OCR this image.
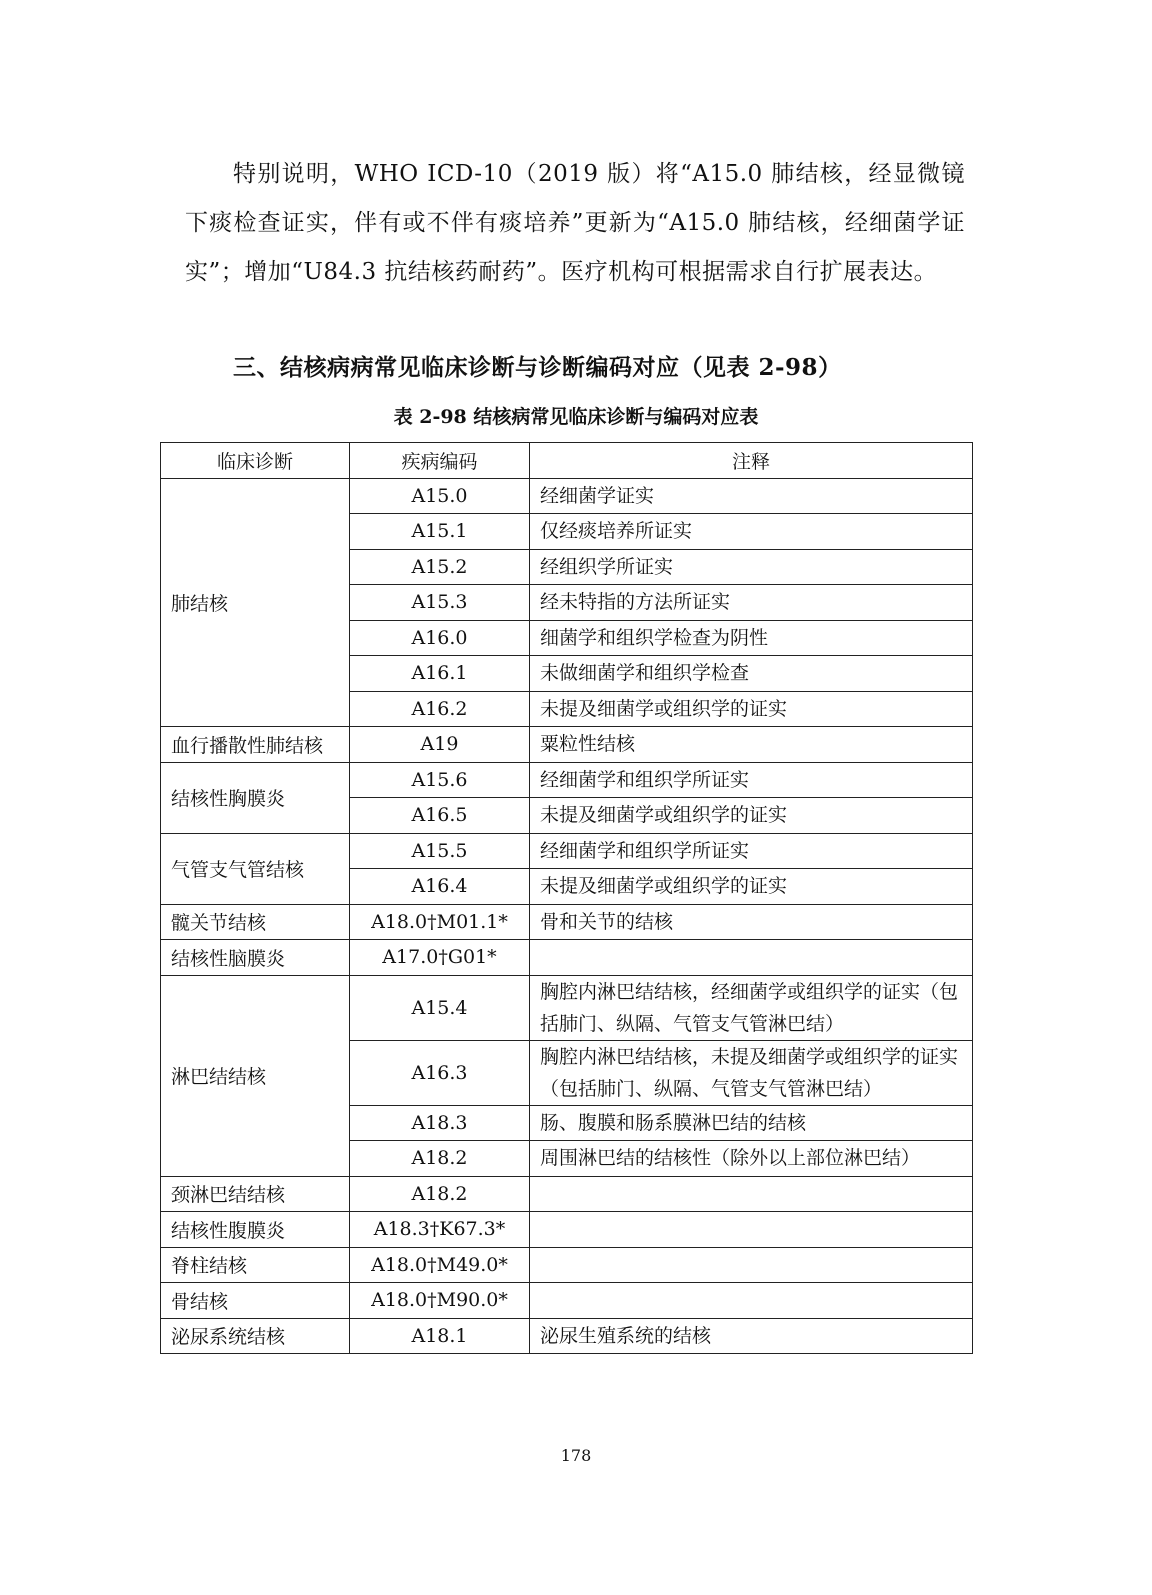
特别说明，WHO ICD-10（2019 版）将“A15.0 肺结核，经显微镜下痰检查证实，伴有或不伴有痰培养”更新为“A15.0 肺结核，经细菌学证实”；增加“U84.3 抗结核药耐药”。医疗机构可根据需求自行扩展表达。

三、结核病病常见临床诊断与诊断编码对应（见表 2-98）

表 2-98 结核病常见临床诊断与编码对应表

临床诊断	疾病编码	注释
肺结核	A15.0	经细菌学证实
	A15.1	仅经痰培养所证实
	A15.2	经组织学所证实
	A15.3	经未特指的方法所证实
	A16.0	细菌学和组织学检查为阴性
	A16.1	未做细菌学和组织学检查
	A16.2	未提及细菌学或组织学的证实
血行播散性肺结核	A19	粟粒性结核
结核性胸膜炎	A15.6	经细菌学和组织学所证实
	A16.5	未提及细菌学或组织学的证实
气管支气管结核	A15.5	经细菌学和组织学所证实
	A16.4	未提及细菌学或组织学的证实
髋关节结核	A18.0†M01.1*	骨和关节的结核
结核性脑膜炎	A17.0†G01*	
淋巴结结核	A15.4	胸腔内淋巴结结核，经细菌学或组织学的证实（包括肺门、纵隔、气管支气管淋巴结）
	A16.3	胸腔内淋巴结结核，未提及细菌学或组织学的证实（包括肺门、纵隔、气管支气管淋巴结）
	A18.3	肠、腹膜和肠系膜淋巴结的结核
	A18.2	周围淋巴结的结核性（除外以上部位淋巴结）
颈淋巴结结核	A18.2	
结核性腹膜炎	A18.3†K67.3*	
脊柱结核	A18.0†M49.0*	
骨结核	A18.0†M90.0*	
泌尿系统结核	A18.1	泌尿生殖系统的结核

178
